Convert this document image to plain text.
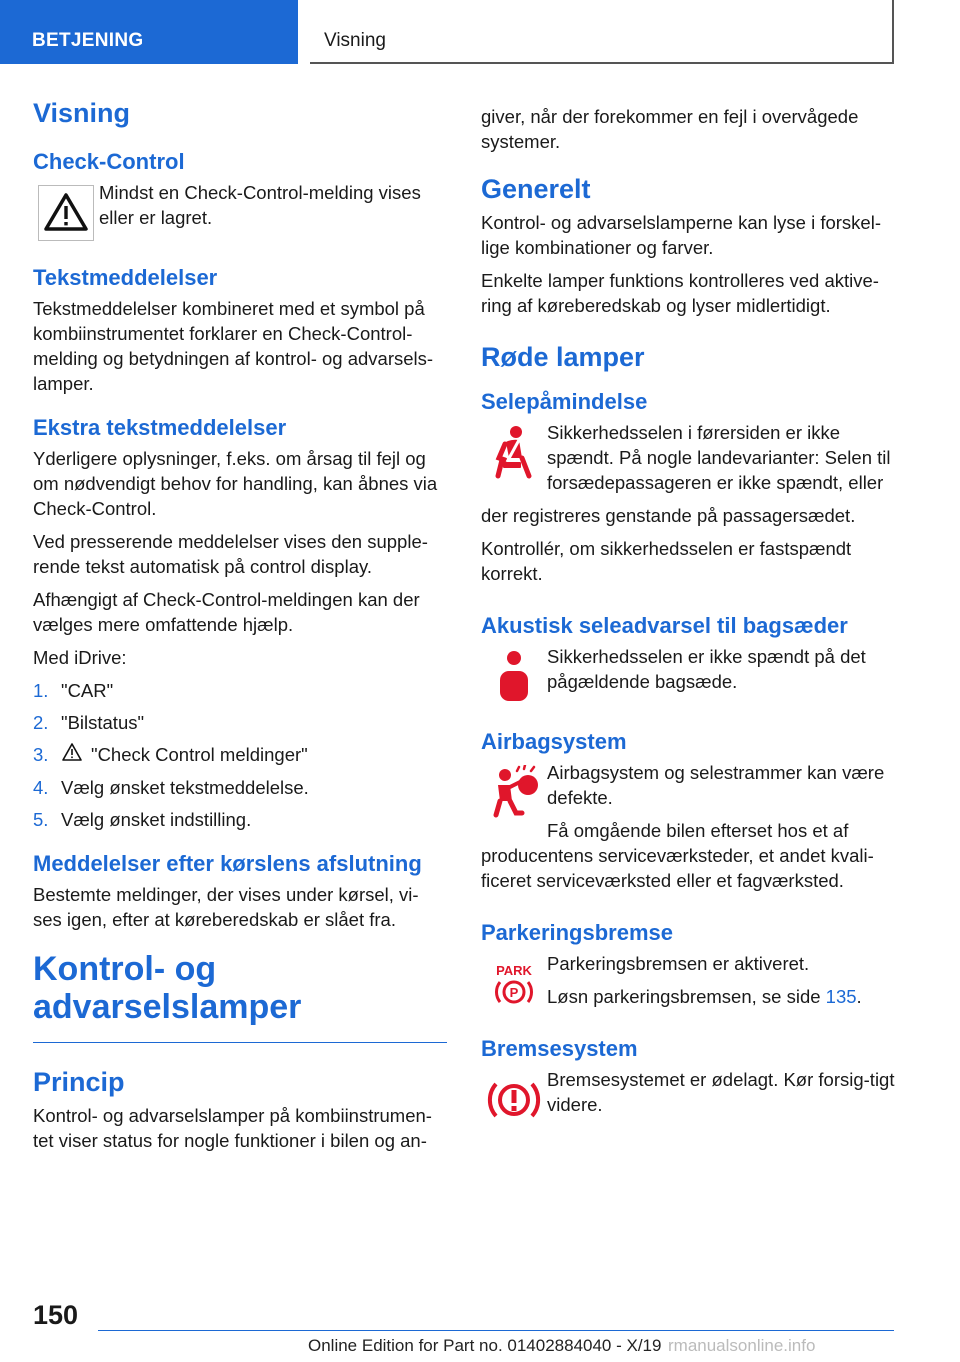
BETJENING	Visning
Visning
Check-Control

Mindst en Check-Control-melding vises eller er lagret.

Tekstmeddelelser

Tekstmeddelelser kombineret med et symbol på kombiinstrumentet forklarer en Check-Control-melding og betydningen af kontrol- og advarsels-lamper.

Ekstra tekstmeddelelser

Yderligere oplysninger, f.eks. om årsag til fejl og om nødvendigt behov for handling, kan åbnes via Check-Control.

Ved presserende meddelelser vises den supple-rende tekst automatisk på control display.

Afhængigt af Check-Control-meldingen kan der vælges mere omfattende hjælp.

Med iDrive:

1. "CAR"
2. "Bilstatus"
3.	"Check Control meldinger"
4. Vælg ønsket tekstmeddelelse.
5. Vælg ønsket indstilling.
Meddelelser efter kørslens afslutning

Bestemte meldinger, der vises under kørsel, vi-ses igen, efter at køreberedskab er slået fra.

Kontrol- og
advarselslamper
Princip

Kontrol- og advarselslamper på kombiinstrumen-tet viser status for nogle funktioner i bilen og an-

giver, når der forekommer en fejl i overvågede systemer.

Generelt

Kontrol- og advarselslamperne kan lyse i forskel-lige kombinationer og farver.

Enkelte lamper funktions kontrolleres ved aktive-ring af køreberedskab og lyser midlertidigt.

Røde lamper
Selepåmindelse

Sikkerhedsselen i førersiden er ikke spændt. På nogle landevarianter: Selen til forsædepassageren er ikke spændt, eller

der registreres genstande på passagersædet.

Kontrollér, om sikkerhedsselen er fastspændt korrekt.

Akustisk seleadvarsel til bagsæder

Sikkerhedsselen er ikke spændt på det pågældende bagsæde.

Airbagsystem

Airbagsystem og selestrammer kan være defekte.

Få omgående bilen efterset hos et af

producentens serviceværksteder, et andet kvali-ficeret serviceværksted eller et fagværksted.

Parkeringsbremse
PARK
P

Parkeringsbremsen er aktiveret.

Løsn parkeringsbremsen, se side 135.

Bremsesystem

Bremsesystemet er ødelagt. Kør forsig-tigt videre.

150
Online Edition for Part no. 01402884040 - X/19 rmanualsonline.info
